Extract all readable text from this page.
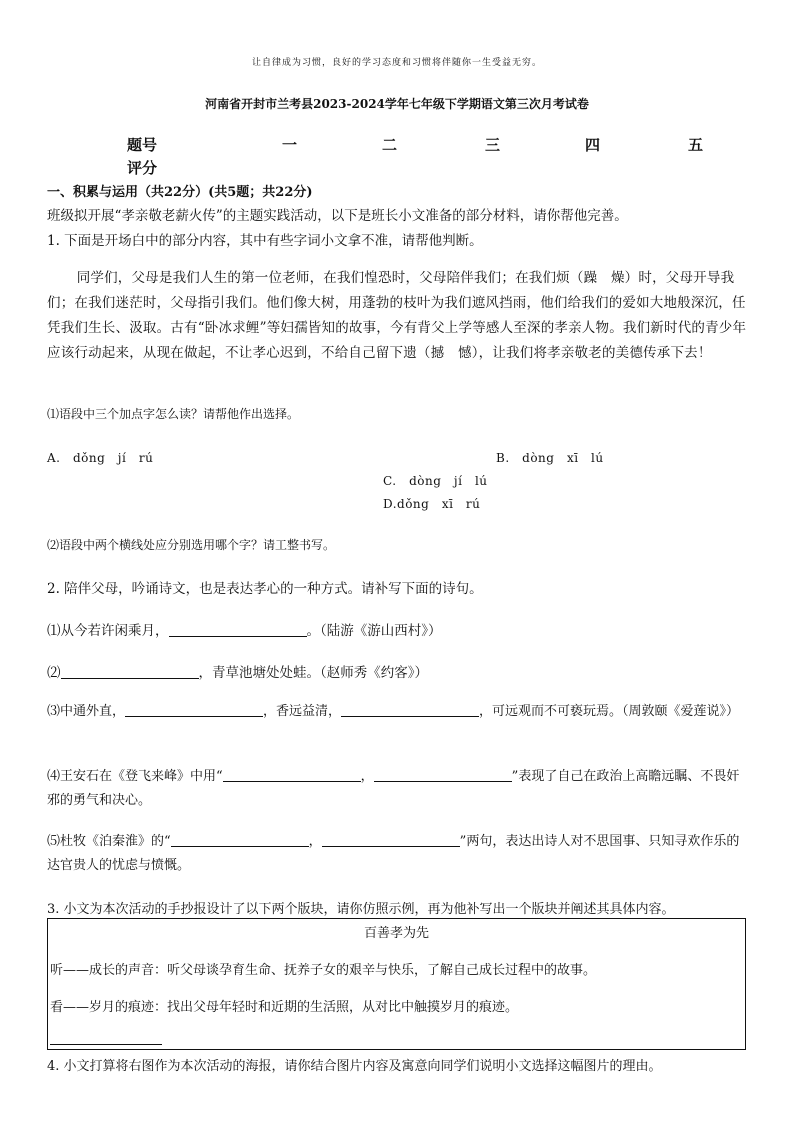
让自律成为习惯，良好的学习态度和习惯将伴随你一生受益无穷。
河南省开封市兰考县2023-2024学年七年级下学期语文第三次月考试卷
题号	一	二	三	四	五
评分
一、积累与运用（共22分）(共5题；共22分)
班级拟开展“孝亲敬老薪火传”的主题实践活动，以下是班长小文准备的部分材料，请你帮他完善。
1. 下面是开场白中的部分内容，其中有些字词小文拿不准，请帮他判断。
同学们，父母是我们人生的第一位老师，在我们惶恐时，父母陪伴我们；在我们烦（躁　燥）时，父母开导我们；在我们迷茫时，父母指引我们。他们像大树，用蓬勃的枝叶为我们遮风挡雨，他们给我们的爱如大地般深沉，任凭我们生长、汲取。古有“卧冰求鲤”等妇孺皆知的故事，今有背父上学等感人至深的孝亲人物。我们新时代的青少年应该行动起来，从现在做起，不让孝心迟到，不给自己留下遗（撼　憾），让我们将孝亲敬老的美德传承下去！
⑴语段中三个加点字怎么读？请帮他作出选择。
A.　dǒng　jí　rú	B.　dòng　xī　lú
C.　dòng　jí　lú
D.dǒng　xī　rú
⑵语段中两个横线处应分别选用哪个字？请工整书写。
2. 陪伴父母，吟诵诗文，也是表达孝心的一种方式。请补写下面的诗句。
⑴从今若许闲乘月，	。（陆游《游山西村》）
⑵	，青草池塘处处蛙。（赵师秀《约客》）
⑶中通外直，	，香远益清，	，可远观而不可亵玩焉。（周敦颐《爱莲说》）
⑷王安石在《登飞来峰》中用“	，	”表现了自己在政治上高瞻远瞩、不畏奸邪的勇气和决心。
⑸杜牧《泊秦淮》的“	，	”两句，表达出诗人对不思国事、只知寻欢作乐的达官贵人的忧虑与愤慨。
3. 小文为本次活动的手抄报设计了以下两个版块，请你仿照示例，再为他补写出一个版块并阐述其具体内容。
百善孝为先
听——成长的声音：听父母谈孕育生命、抚养子女的艰辛与快乐，了解自己成长过程中的故事。
看——岁月的痕迹：找出父母年轻时和近期的生活照，从对比中触摸岁月的痕迹。
4. 小文打算将右图作为本次活动的海报，请你结合图片内容及寓意向同学们说明小文选择这幅图片的理由。
